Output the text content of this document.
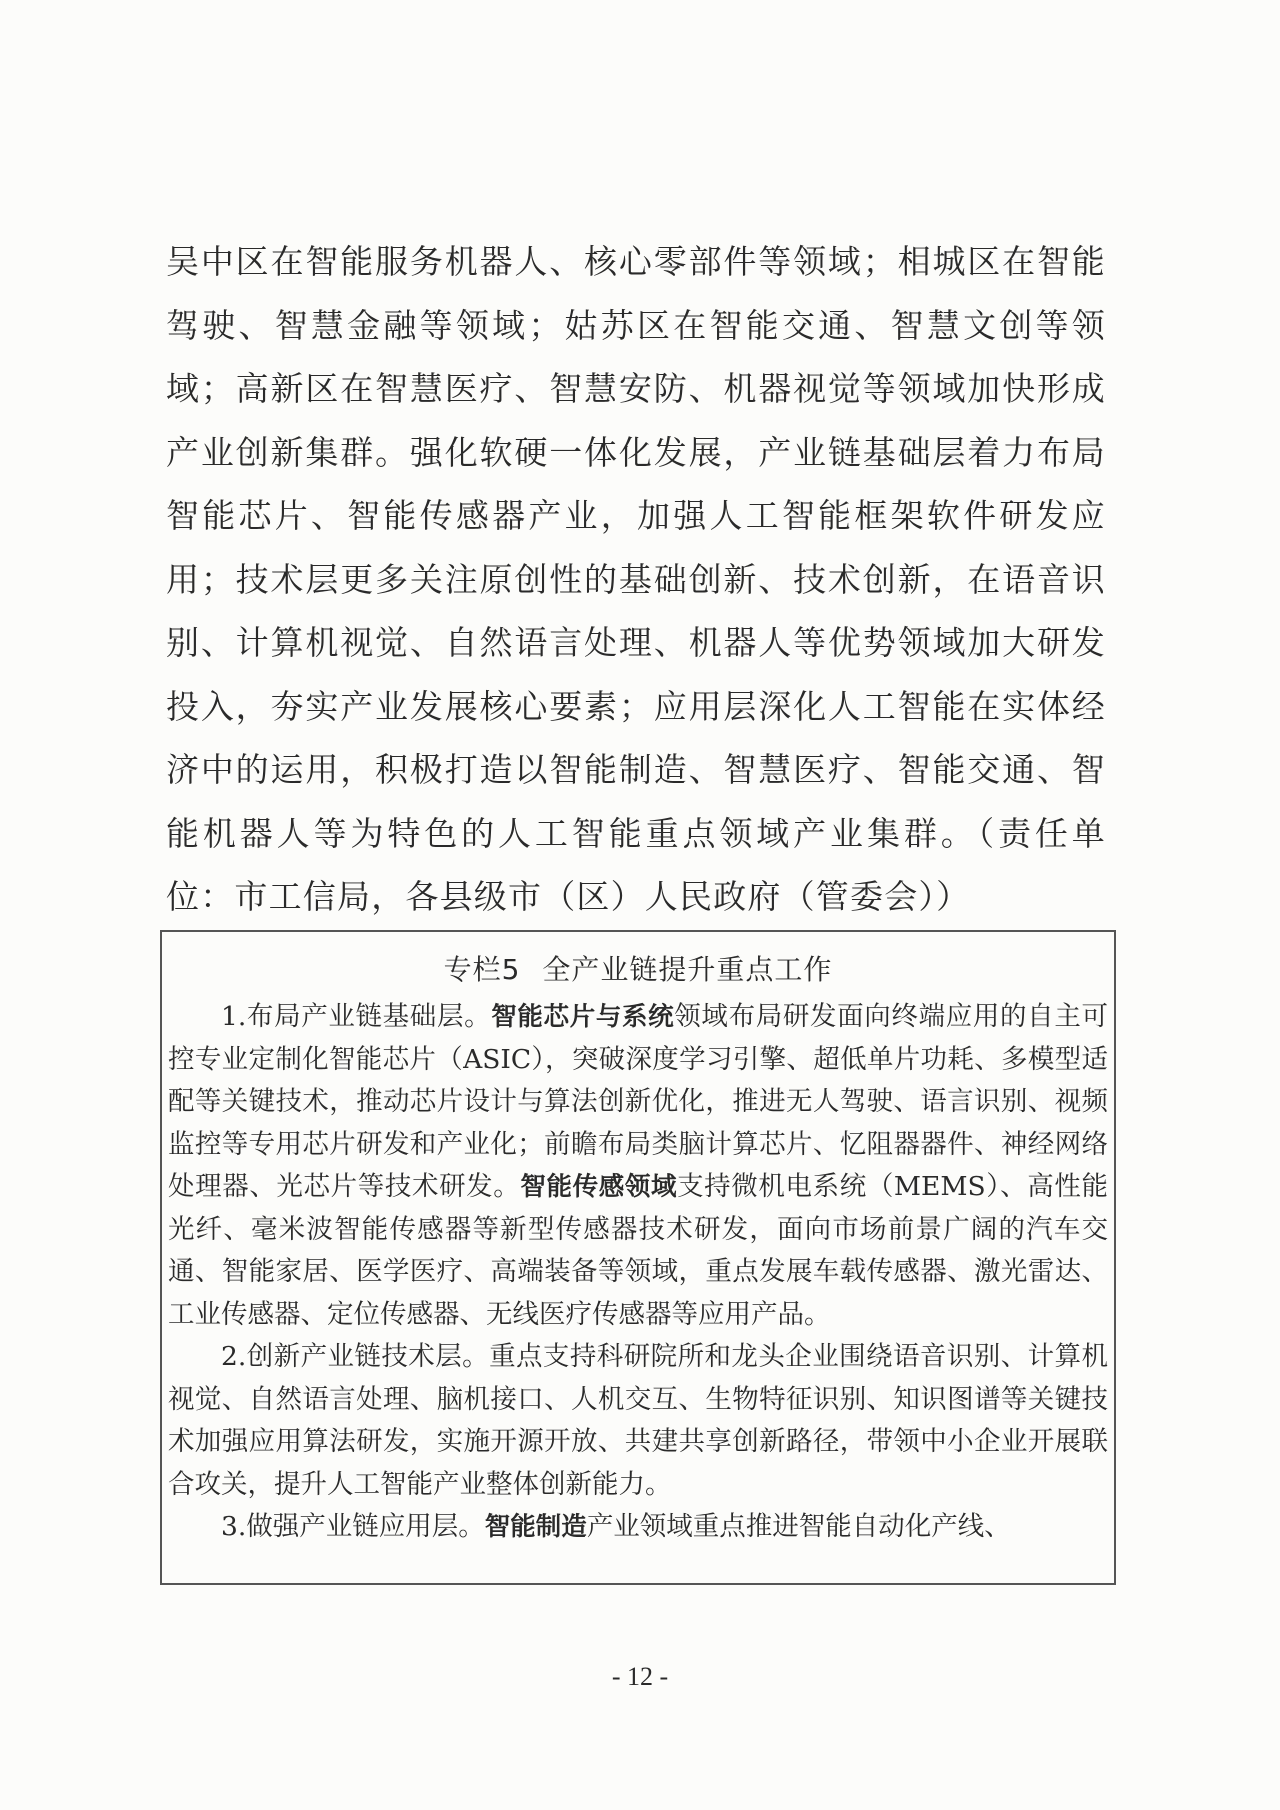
吴中区在智能服务机器人、核心零部件等领域；相城区在智能驾驶、智慧金融等领域；姑苏区在智能交通、智慧文创等领域；高新区在智慧医疗、智慧安防、机器视觉等领域加快形成产业创新集群。强化软硬一体化发展，产业链基础层着力布局智能芯片、智能传感器产业，加强人工智能框架软件研发应用；技术层更多关注原创性的基础创新、技术创新，在语音识别、计算机视觉、自然语言处理、机器人等优势领域加大研发投入，夯实产业发展核心要素；应用层深化人工智能在实体经济中的运用，积极打造以智能制造、智慧医疗、智能交通、智能机器人等为特色的人工智能重点领域产业集群。（责任单位：市工信局，各县级市（区）人民政府（管委会））
专栏5 全产业链提升重点工作

1.布局产业链基础层。智能芯片与系统领域布局研发面向终端应用的自主可控专业定制化智能芯片（ASIC），突破深度学习引擎、超低单片功耗、多模型适配等关键技术，推动芯片设计与算法创新优化，推进无人驾驶、语言识别、视频监控等专用芯片研发和产业化；前瞻布局类脑计算芯片、忆阻器器件、神经网络处理器、光芯片等技术研发。智能传感领域支持微机电系统（MEMS）、高性能光纤、毫米波智能传感器等新型传感器技术研发，面向市场前景广阔的汽车交通、智能家居、医学医疗、高端装备等领域，重点发展车载传感器、激光雷达、工业传感器、定位传感器、无线医疗传感器等应用产品。

2.创新产业链技术层。重点支持科研院所和龙头企业围绕语音识别、计算机视觉、自然语言处理、脑机接口、人机交互、生物特征识别、知识图谱等关键技术加强应用算法研发，实施开源开放、共建共享创新路径，带领中小企业开展联合攻关，提升人工智能产业整体创新能力。

3.做强产业链应用层。智能制造产业领域重点推进智能自动化产线、

- 12 -
